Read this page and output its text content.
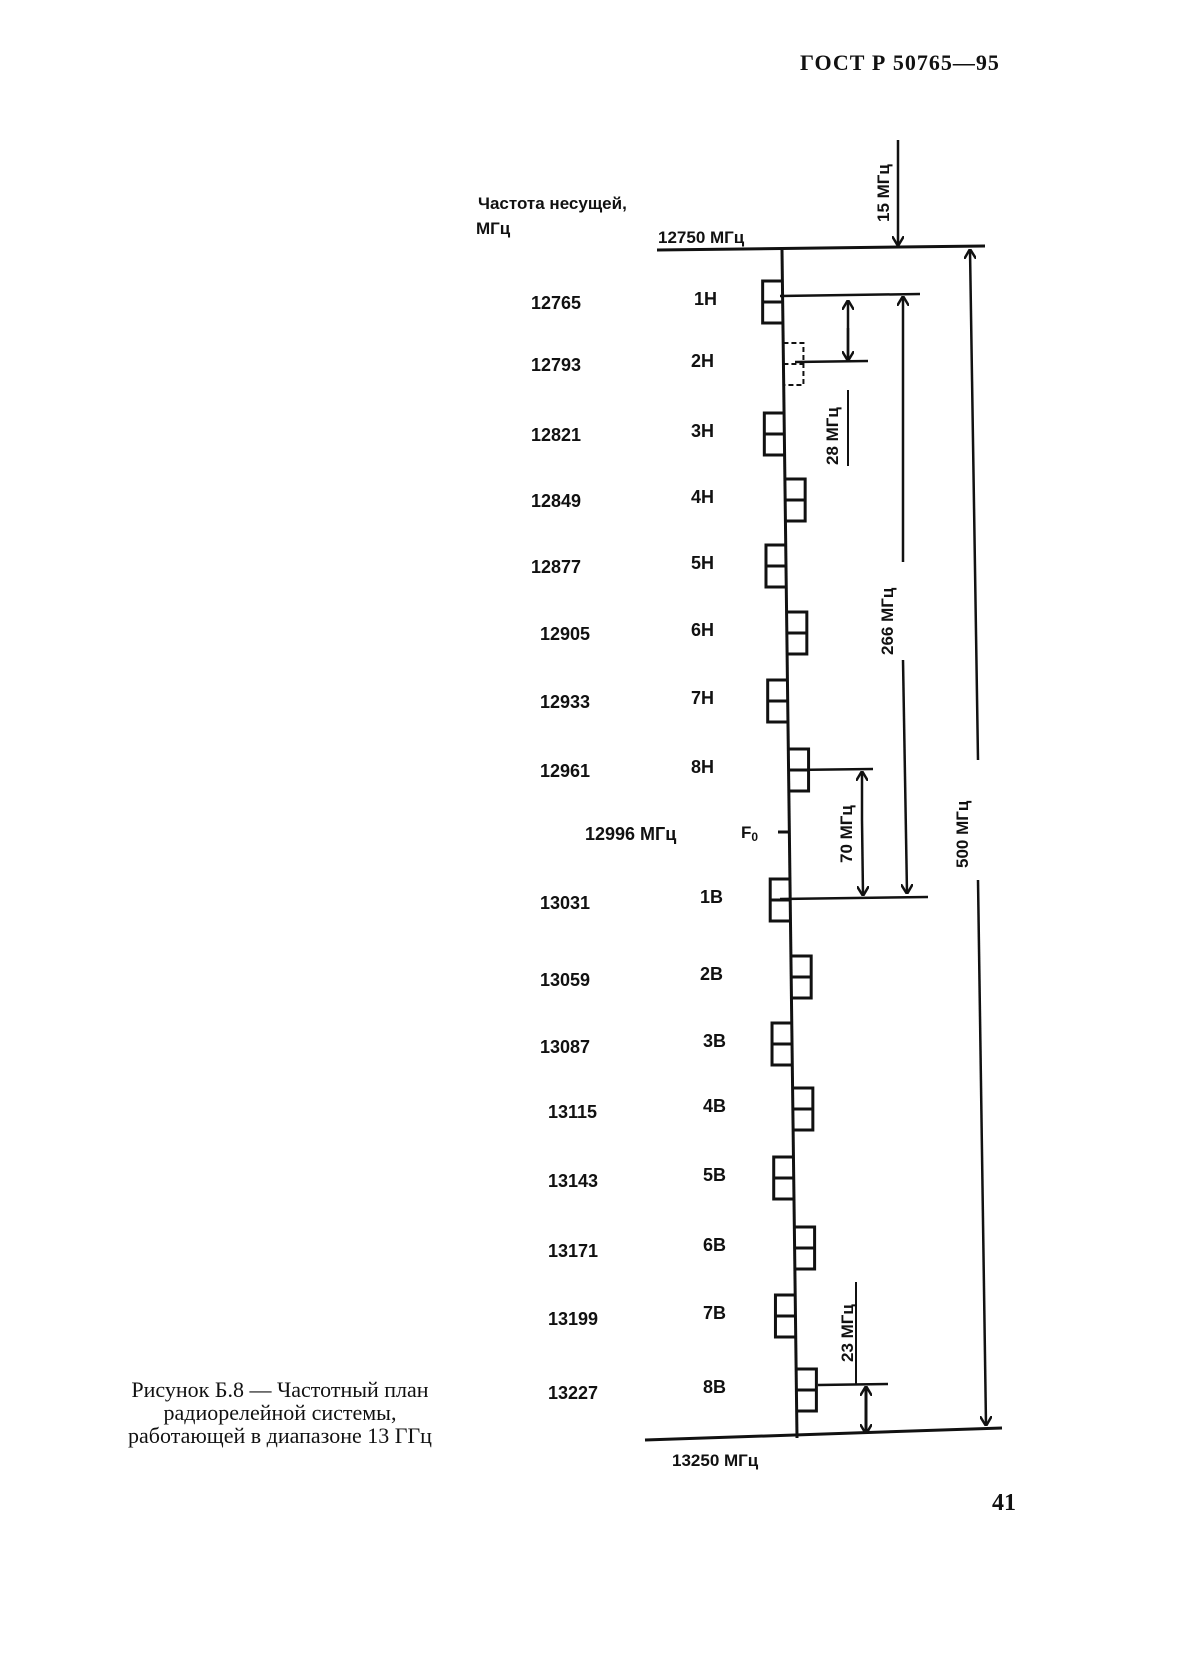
ГОСТ Р 50765—95
Частота несущей,
МГц	12750 МГц
13250 МГц
12765	1Н
12793	2Н
12821	3Н
12849	4Н
12877	5Н
12905	6Н
12933	7Н
12961	8Н
13031	1В
13059	2В
13087	3В
13115	4В
13143	5В
13171	6В
13199	7В
13227	8В
12996 МГц	F0
15 МГц
28 МГц
266 МГц
70 МГц	500 МГц
23 МГц
Рисунок Б.8 — Частотный план
радиорелейной системы,
работающей в диапазоне 13 ГГц
41
